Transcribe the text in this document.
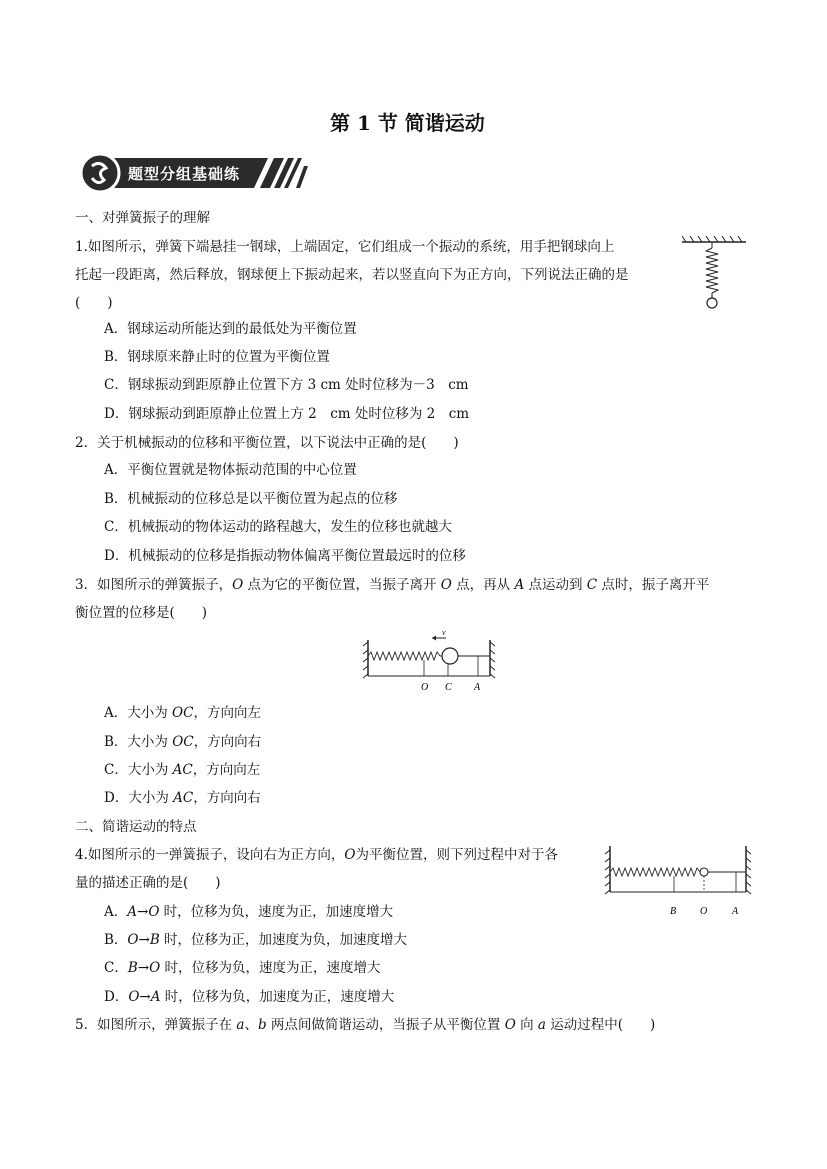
第 1 节 简谐运动
题型分组基础练
一、对弹簧振子的理解
1.如图所示，弹簧下端悬挂一钢球，上端固定，它们组成一个振动的系统，用手把钢球向上
托起一段距离，然后释放，钢球便上下振动起来，若以竖直向下为正方向，下列说法正确的是
(　　)
A．钢球运动所能达到的最低处为平衡位置
B．钢球原来静止时的位置为平衡位置
C．钢球振动到距原静止位置下方 3 cm 处时位移为－3　cm
D．钢球振动到距原静止位置上方 2　cm 处时位移为 2　cm
2．关于机械振动的位移和平衡位置，以下说法中正确的是(　　)
A．平衡位置就是物体振动范围的中心位置
B．机械振动的位移总是以平衡位置为起点的位移
C．机械振动的物体运动的路程越大，发生的位移也就越大
D．机械振动的位移是指振动物体偏离平衡位置最远时的位移
3．如图所示的弹簧振子，O 点为它的平衡位置，当振子离开 O 点，再从 A 点运动到 C 点时，振子离开平
衡位置的位移是(　　)
v
O C A
A．大小为 OC，方向向左
B．大小为 OC，方向向右
C．大小为 AC，方向向左
D．大小为 AC，方向向右
二、简谐运动的特点
4.如图所示的一弹簧振子，设向右为正方向，O为平衡位置，则下列过程中对于各
量的描述正确的是(　　)
A．A→O 时，位移为负，速度为正，加速度增大
B．O→B 时，位移为正，加速度为负，加速度增大
C．B→O 时，位移为负，速度为正，速度增大
D．O→A 时，位移为负，加速度为正，速度增大
B O A
5．如图所示，弹簧振子在 a、b 两点间做简谐运动，当振子从平衡位置 O 向 a 运动过程中(　　)
